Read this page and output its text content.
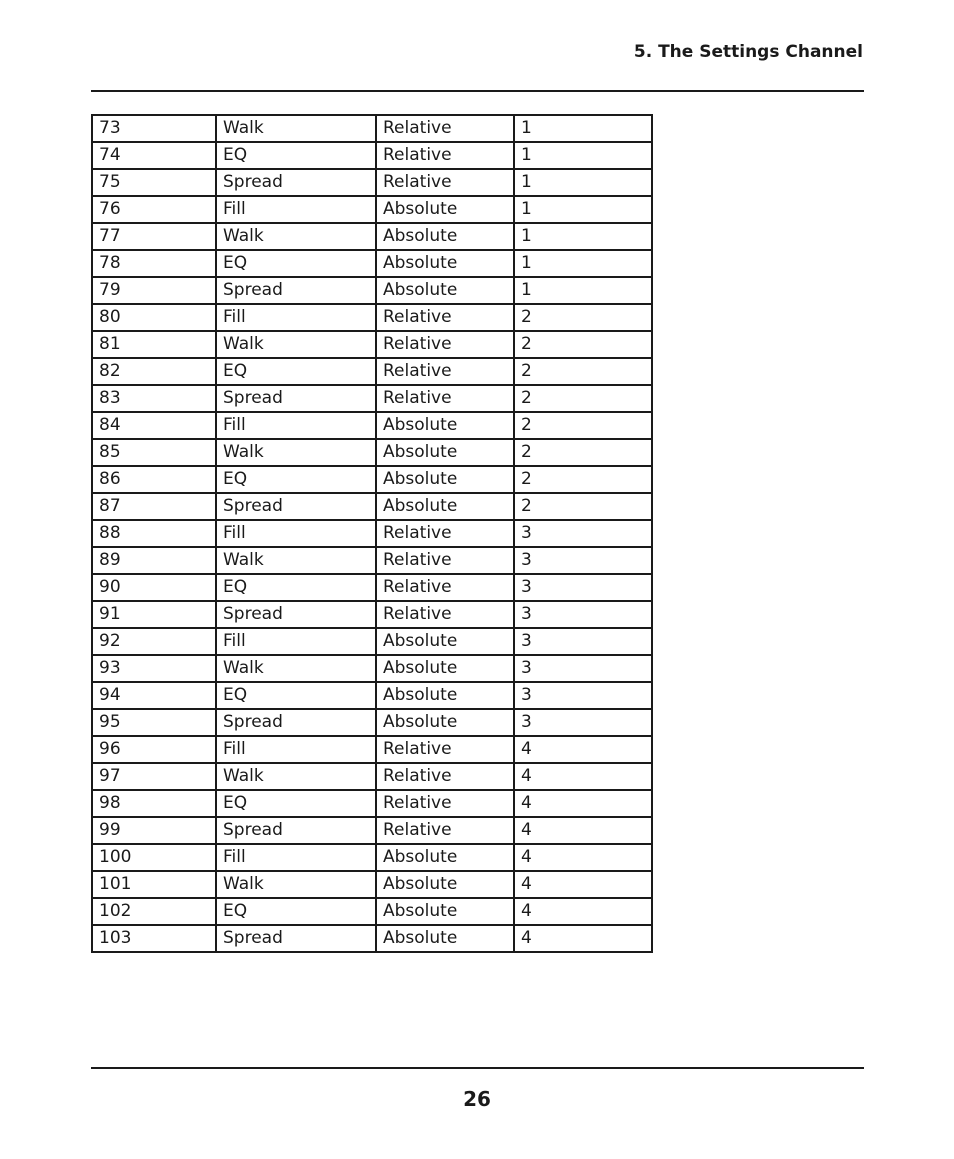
5. The Settings Channel
73	Walk	Relative	1
74	EQ	Relative	1
75	Spread	Relative	1
76	Fill	Absolute	1
77	Walk	Absolute	1
78	EQ	Absolute	1
79	Spread	Absolute	1
80	Fill	Relative	2
81	Walk	Relative	2
82	EQ	Relative	2
83	Spread	Relative	2
84	Fill	Absolute	2
85	Walk	Absolute	2
86	EQ	Absolute	2
87	Spread	Absolute	2
88	Fill	Relative	3
89	Walk	Relative	3
90	EQ	Relative	3
91	Spread	Relative	3
92	Fill	Absolute	3
93	Walk	Absolute	3
94	EQ	Absolute	3
95	Spread	Absolute	3
96	Fill	Relative	4
97	Walk	Relative	4
98	EQ	Relative	4
99	Spread	Relative	4
100	Fill	Absolute	4
101	Walk	Absolute	4
102	EQ	Absolute	4
103	Spread	Absolute	4
26
